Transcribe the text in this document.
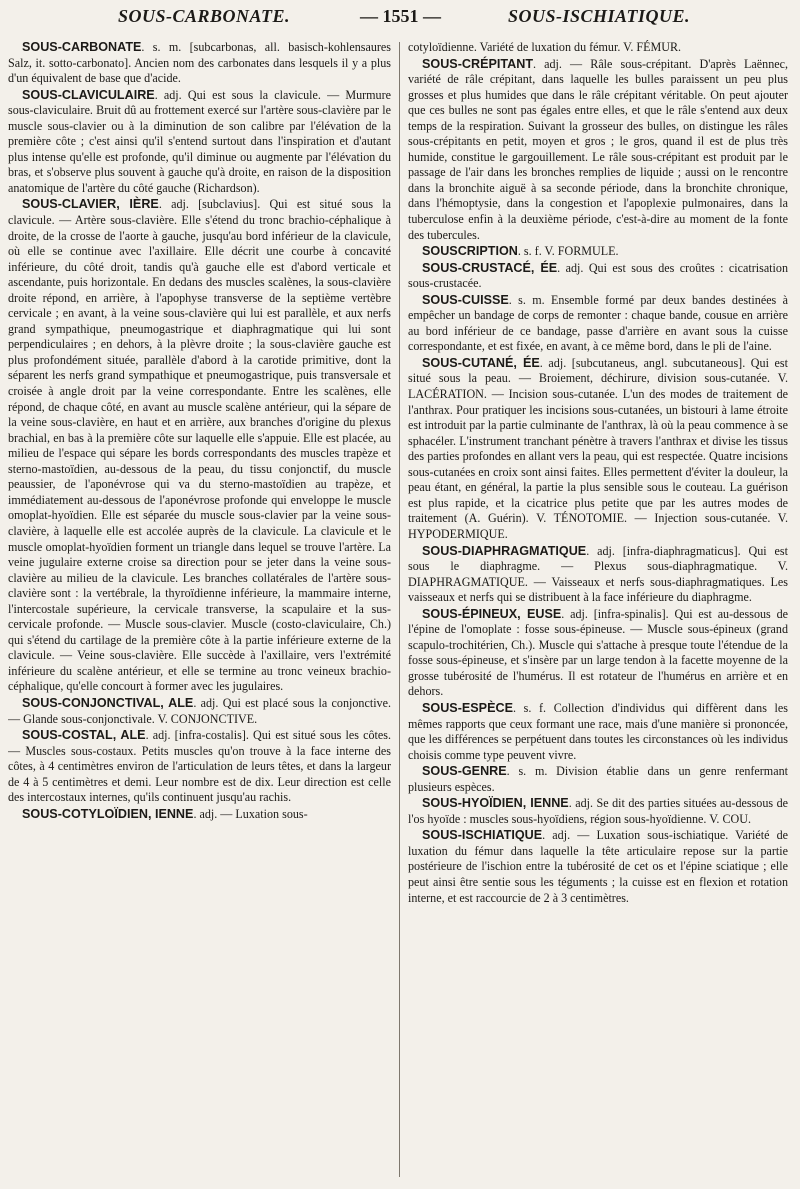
SOUS-CARBONATE.	— 1551 —	SOUS-ISCHIATIQUE.

SOUS-CARBONATE. s. m. [subcarbonas, all. basisch-kohlensaures Salz, it. sotto-carbonato]. Ancien nom des carbonates dans lesquels il y a plus d'un équivalent de base que d'acide.

SOUS-CLAVICULAIRE. adj. Qui est sous la clavicule. — Murmure sous-claviculaire. Bruit dû au frottement exercé sur l'artère sous-clavière par le muscle sous-clavier ou à la diminution de son calibre par l'élévation de la première côte ; c'est ainsi qu'il s'entend surtout dans l'inspiration et d'autant plus intense qu'elle est profonde, qu'il diminue ou augmente par l'élévation du bras, et s'observe plus souvent à gauche qu'à droite, en raison de la disposition anatomique de l'artère du côté gauche (Richardson).

SOUS-CLAVIER, IÈRE. adj. [subclavius]. Qui est situé sous la clavicule. — Artère sous-clavière. Elle s'étend du tronc brachio-céphalique à droite, de la crosse de l'aorte à gauche, jusqu'au bord inférieur de la clavicule, où elle se continue avec l'axillaire. Elle décrit une courbe à concavité inférieure, du côté droit, tandis qu'à gauche elle est d'abord verticale et ascendante, puis horizontale. En dedans des muscles scalènes, la sous-clavière droite répond, en arrière, à l'apophyse transverse de la septième vertèbre cervicale ; en avant, à la veine sous-clavière qui lui est parallèle, et aux nerfs grand sympathique, pneumogastrique et diaphragmatique qui lui sont perpendiculaires ; en dehors, à la plèvre droite ; la sous-clavière gauche est plus profondément située, parallèle d'abord à la carotide primitive, dont la séparent les nerfs grand sympathique et pneumogastrique, puis transversale et croisée à angle droit par la veine correspondante. Entre les scalènes, elle répond, de chaque côté, en avant au muscle scalène antérieur, qui la sépare de la veine sous-clavière, en haut et en arrière, aux branches d'origine du plexus brachial, en bas à la première côte sur laquelle elle s'appuie. Elle est placée, au milieu de l'espace qui sépare les bords correspondants des muscles trapèze et sterno-mastoïdien, au-dessous de la peau, du tissu conjonctif, du muscle peaussier, de l'aponévrose qui va du sterno-mastoïdien au trapèze, et immédiatement au-dessous de l'aponévrose profonde qui enveloppe le muscle omoplat-hyoïdien. Elle est séparée du muscle sous-clavier par la veine sous-clavière, à laquelle elle est accolée auprès de la clavicule. La clavicule et le muscle omoplat-hyoïdien forment un triangle dans lequel se trouve l'artère. La veine jugulaire externe croise sa direction pour se jeter dans la veine sous-clavière au milieu de la clavicule. Les branches collatérales de l'artère sous-clavière sont : la vertébrale, la thyroïdienne inférieure, la mammaire interne, l'intercostale supérieure, la cervicale transverse, la scapulaire et la sus-cervicale profonde. — Muscle sous-clavier. Muscle (costo-claviculaire, Ch.) qui s'étend du cartilage de la première côte à la partie inférieure externe de la clavicule. — Veine sous-clavière. Elle succède à l'axillaire, vers l'extrémité inférieure du scalène antérieur, et elle se termine au tronc veineux brachio-céphalique, qu'elle concourt à former avec les jugulaires.

SOUS-CONJONCTIVAL, ALE. adj. Qui est placé sous la conjonctive. — Glande sous-conjonctivale. V. CONJONCTIVE.

SOUS-COSTAL, ALE. adj. [infra-costalis]. Qui est situé sous les côtes. — Muscles sous-costaux. Petits muscles qu'on trouve à la face interne des côtes, à 4 centimètres environ de l'articulation de leurs têtes, et dans la largeur de 4 à 5 centimètres et demi. Leur nombre est de dix. Leur direction est celle des intercostaux internes, qu'ils continuent jusqu'au rachis.

SOUS-COTYLOÏDIEN, IENNE. adj. — Luxation sous-

cotyloïdienne. Variété de luxation du fémur. V. FÉMUR.

SOUS-CRÉPITANT. adj. — Râle sous-crépitant. D'après Laënnec, variété de râle crépitant, dans laquelle les bulles paraissent un peu plus grosses et plus humides que dans le râle crépitant véritable. On peut ajouter que ces bulles ne sont pas égales entre elles, et que le râle s'entend aux deux temps de la respiration. Suivant la grosseur des bulles, on distingue les râles sous-crépitants en petit, moyen et gros ; le gros, quand il est de plus très humide, constitue le gargouillement. Le râle sous-crépitant est produit par le passage de l'air dans les bronches remplies de liquide ; aussi on le rencontre dans la bronchite aiguë à sa seconde période, dans la bronchite chronique, dans l'hémoptysie, dans la congestion et l'apoplexie pulmonaires, dans la tuberculose enfin à la deuxième période, c'est-à-dire au moment de la fonte des tubercules.

SOUSCRIPTION. s. f. V. FORMULE.

SOUS-CRUSTACÉ, ÉE. adj. Qui est sous des croûtes : cicatrisation sous-crustacée.

SOUS-CUISSE. s. m. Ensemble formé par deux bandes destinées à empêcher un bandage de corps de remonter : chaque bande, cousue en arrière au bord inférieur de ce bandage, passe d'arrière en avant sous la cuisse correspondante, et est fixée, en avant, à ce même bord, dans le pli de l'aine.

SOUS-CUTANÉ, ÉE. adj. [subcutaneus, angl. subcutaneous]. Qui est situé sous la peau. — Broiement, déchirure, division sous-cutanée. V. LACÉRATION. — Incision sous-cutanée. L'un des modes de traitement de l'anthrax. Pour pratiquer les incisions sous-cutanées, un bistouri à lame étroite est introduit par la partie culminante de l'anthrax, là où la peau commence à se sphacéler. L'instrument tranchant pénètre à travers l'anthrax et divise les tissus des parties profondes en allant vers la peau, qui est respectée. Quatre incisions sous-cutanées en croix sont ainsi faites. Elles permettent d'éviter la douleur, la peau étant, en général, la partie la plus sensible sous le couteau. La guérison est plus rapide, et la cicatrice plus petite que par les autres modes de traitement (A. Guérin). V. TÉNOTOMIE. — Injection sous-cutanée. V. HYPODERMIQUE.

SOUS-DIAPHRAGMATIQUE. adj. [infra-diaphragmaticus]. Qui est sous le diaphragme. — Plexus sous-diaphragmatique. V. DIAPHRAGMATIQUE. — Vaisseaux et nerfs sous-diaphragmatiques. Les vaisseaux et nerfs qui se distribuent à la face inférieure du diaphragme.

SOUS-ÉPINEUX, EUSE. adj. [infra-spinalis]. Qui est au-dessous de l'épine de l'omoplate : fosse sous-épineuse. — Muscle sous-épineux (grand scapulo-trochitérien, Ch.). Muscle qui s'attache à presque toute l'étendue de la fosse sous-épineuse, et s'insère par un large tendon à la facette moyenne de la grosse tubérosité de l'humérus. Il est rotateur de l'humérus en arrière et en dehors.

SOUS-ESPÈCE. s. f. Collection d'individus qui diffèrent dans les mêmes rapports que ceux formant une race, mais d'une manière si prononcée, que les différences se perpétuent dans toutes les circonstances où les individus choisis comme type peuvent vivre.

SOUS-GENRE. s. m. Division établie dans un genre renfermant plusieurs espèces.

SOUS-HYOÏDIEN, IENNE. adj. Se dit des parties situées au-dessous de l'os hyoïde : muscles sous-hyoïdiens, région sous-hyoïdienne. V. COU.

SOUS-ISCHIATIQUE. adj. — Luxation sous-ischiatique. Variété de luxation du fémur dans laquelle la tête articulaire repose sur la partie postérieure de l'ischion entre la tubérosité de cet os et l'épine sciatique ; elle peut ainsi être sentie sous les téguments ; la cuisse est en flexion et rotation interne, et est raccourcie de 2 à 3 centimètres.
